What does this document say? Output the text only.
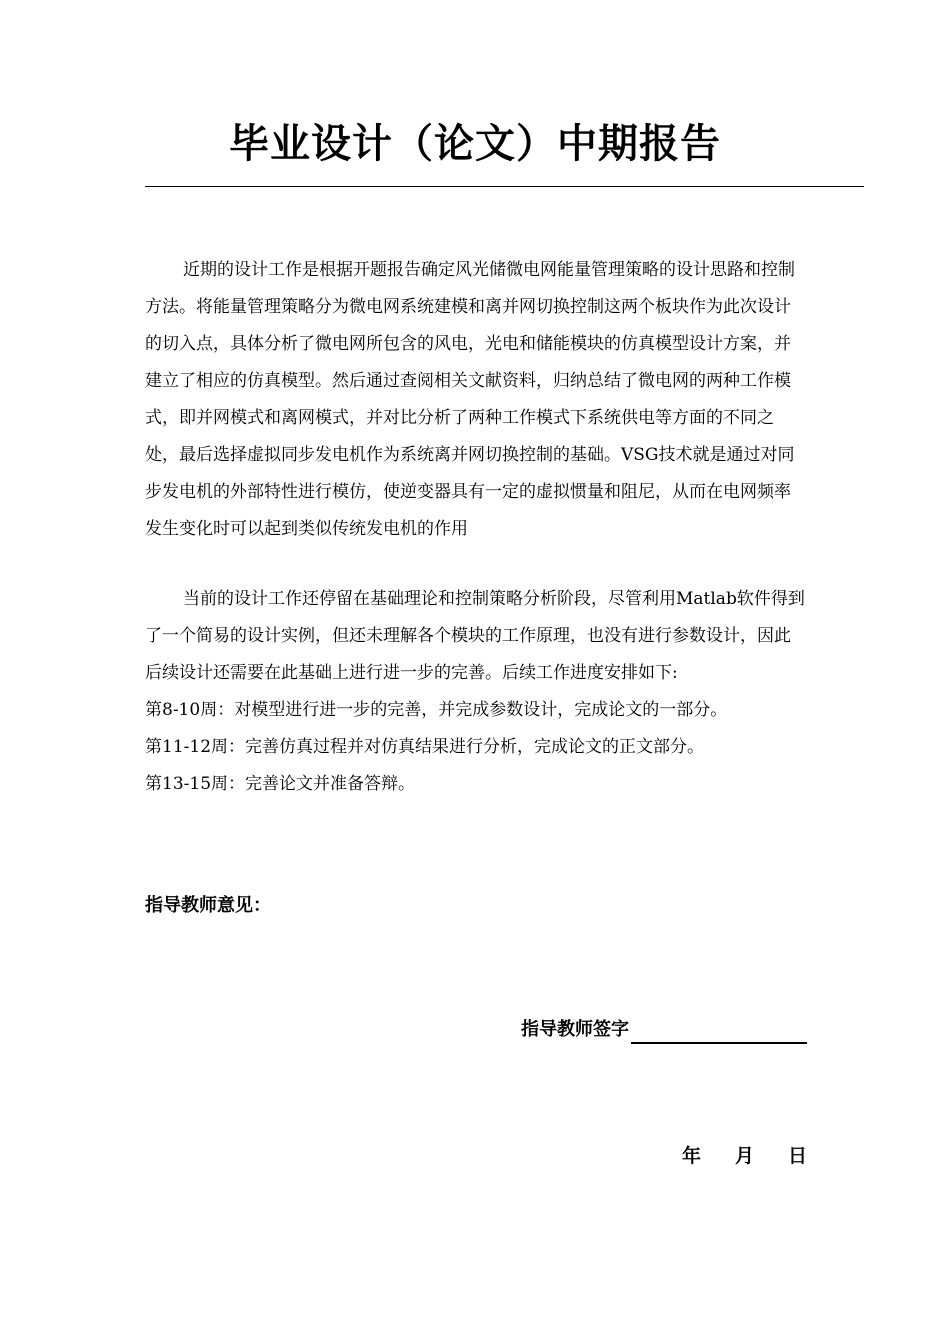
毕业设计（论文）中期报告

近期的设计工作是根据开题报告确定风光储微电网能量管理策略的设计思路和控制方法。将能量管理策略分为微电网系统建模和离并网切换控制这两个板块作为此次设计的切入点，具体分析了微电网所包含的风电，光电和储能模块的仿真模型设计方案，并建立了相应的仿真模型。然后通过查阅相关文献资料，归纳总结了微电网的两种工作模式，即并网模式和离网模式，并对比分析了两种工作模式下系统供电等方面的不同之处，最后选择虚拟同步发电机作为系统离并网切换控制的基础。VSG技术就是通过对同步发电机的外部特性进行模仿，使逆变器具有一定的虚拟惯量和阻尼，从而在电网频率发生变化时可以起到类似传统发电机的作用

当前的设计工作还停留在基础理论和控制策略分析阶段，尽管利用Matlab软件得到了一个简易的设计实例，但还未理解各个模块的工作原理，也没有进行参数设计，因此后续设计还需要在此基础上进行进一步的完善。后续工作进度安排如下:

第8-10周：对模型进行进一步的完善，并完成参数设计，完成论文的一部分。
第11-12周：完善仿真过程并对仿真结果进行分析，完成论文的正文部分。
第13-15周：完善论文并准备答辩。
指导教师意见：
指导教师签字
年 月 日
